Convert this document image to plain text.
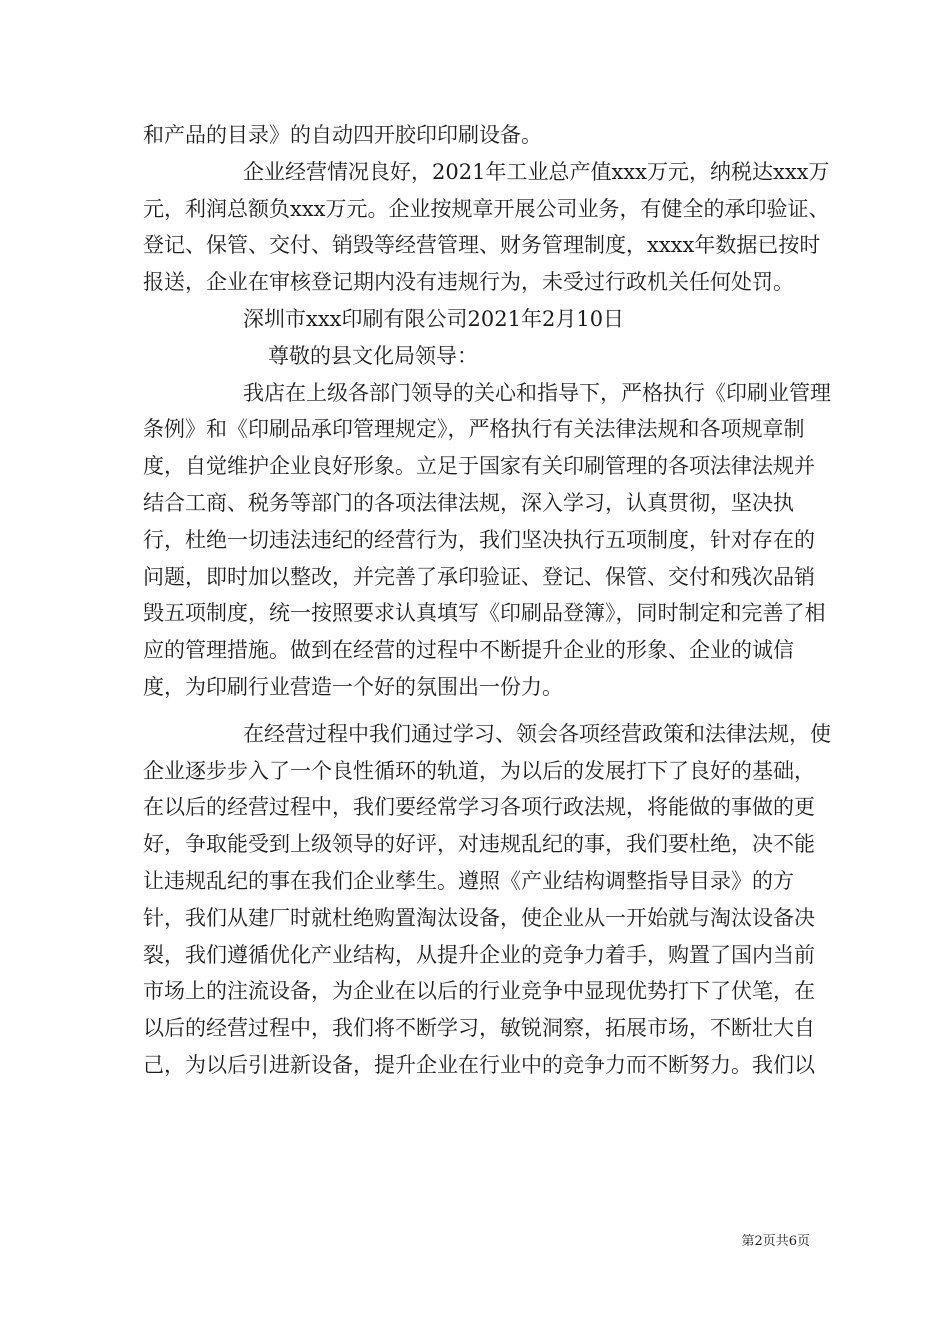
和产品的目录》的自动四开胶印印刷设备。

企业经营情况良好，2021年工业总产值xxx万元，纳税达xxx万元，利润总额负xxx万元。企业按规章开展公司业务，有健全的承印验证、登记、保管、交付、销毁等经营管理、财务管理制度，xxxx年数据已按时报送，企业在审核登记期内没有违规行为，未受过行政机关任何处罚。

深圳市xxx印刷有限公司2021年2月10日

尊敬的县文化局领导：

我店在上级各部门领导的关心和指导下，严格执行《印刷业管理条例》和《印刷品承印管理规定》，严格执行有关法律法规和各项规章制度，自觉维护企业良好形象。立足于国家有关印刷管理的各项法律法规并结合工商、税务等部门的各项法律法规，深入学习，认真贯彻，坚决执行，杜绝一切违法违纪的经营行为，我们坚决执行五项制度，针对存在的问题，即时加以整改，并完善了承印验证、登记、保管、交付和残次品销毁五项制度，统一按照要求认真填写《印刷品登簿》，同时制定和完善了相应的管理措施。做到在经营的过程中不断提升企业的形象、企业的诚信度，为印刷行业营造一个好的氛围出一份力。

在经营过程中我们通过学习、领会各项经营政策和法律法规，使企业逐步步入了一个良性循环的轨道，为以后的发展打下了良好的基础，在以后的经营过程中，我们要经常学习各项行政法规，将能做的事做的更好，争取能受到上级领导的好评，对违规乱纪的事，我们要杜绝，决不能让违规乱纪的事在我们企业孳生。遵照《产业结构调整指导目录》的方针，我们从建厂时就杜绝购置淘汰设备，使企业从一开始就与淘汰设备决裂，我们遵循优化产业结构，从提升企业的竞争力着手，购置了国内当前市场上的注流设备，为企业在以后的行业竞争中显现优势打下了伏笔，在以后的经营过程中，我们将不断学习，敏锐洞察，拓展市场，不断壮大自己，为以后引进新设备，提升企业在行业中的竞争力而不断努力。我们以

第2页共6页
